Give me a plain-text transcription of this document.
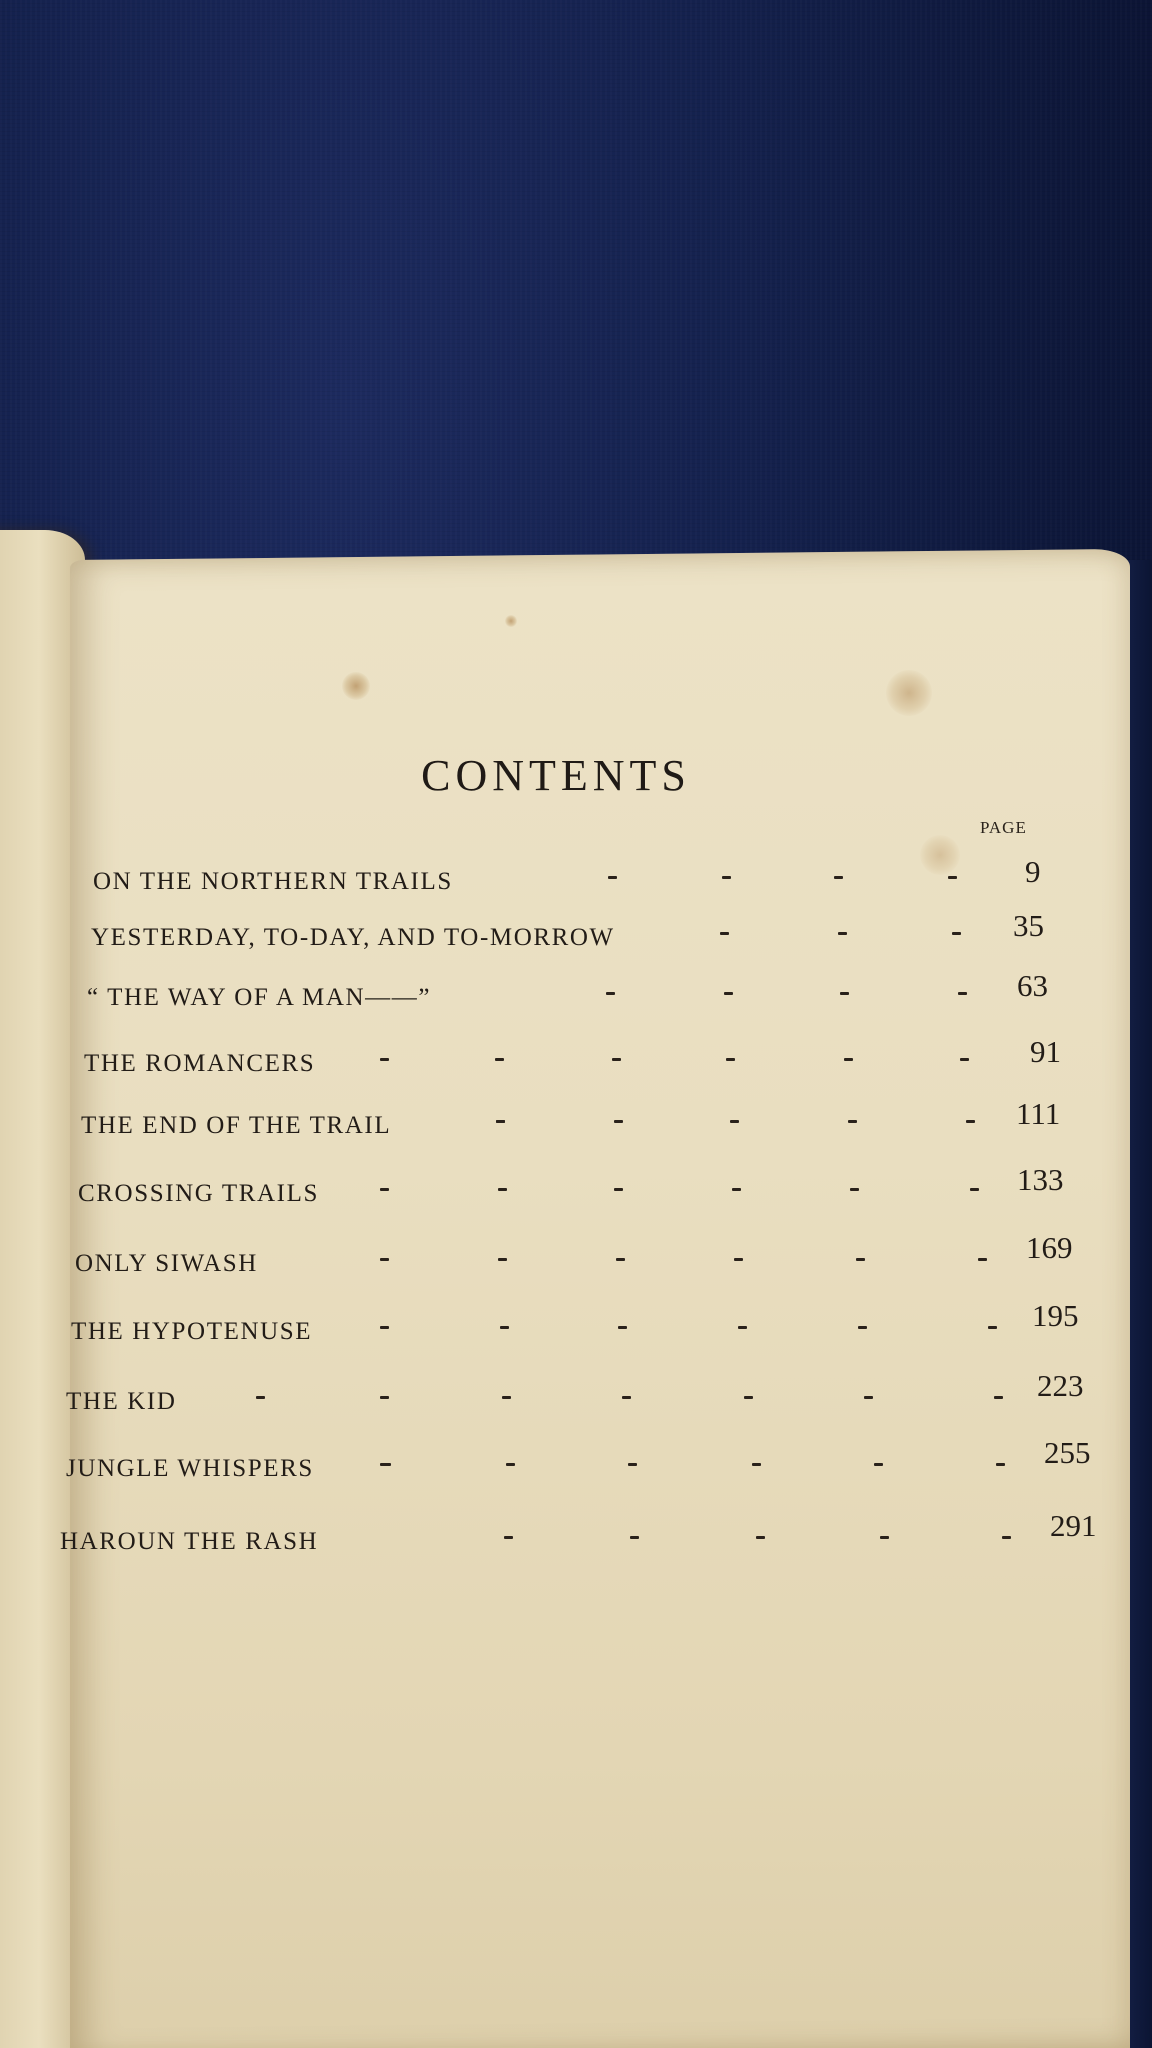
CONTENTS
PAGE
ON THE NORTHERN TRAILS	9
YESTERDAY, TO-DAY, AND TO-MORROW	35
“ THE WAY OF A MAN——”	63
THE ROMANCERS	91
THE END OF THE TRAIL	111
CROSSING TRAILS	133
ONLY SIWASH	169
THE HYPOTENUSE	195
THE KID	223
JUNGLE WHISPERS	255
HAROUN THE RASH	291
